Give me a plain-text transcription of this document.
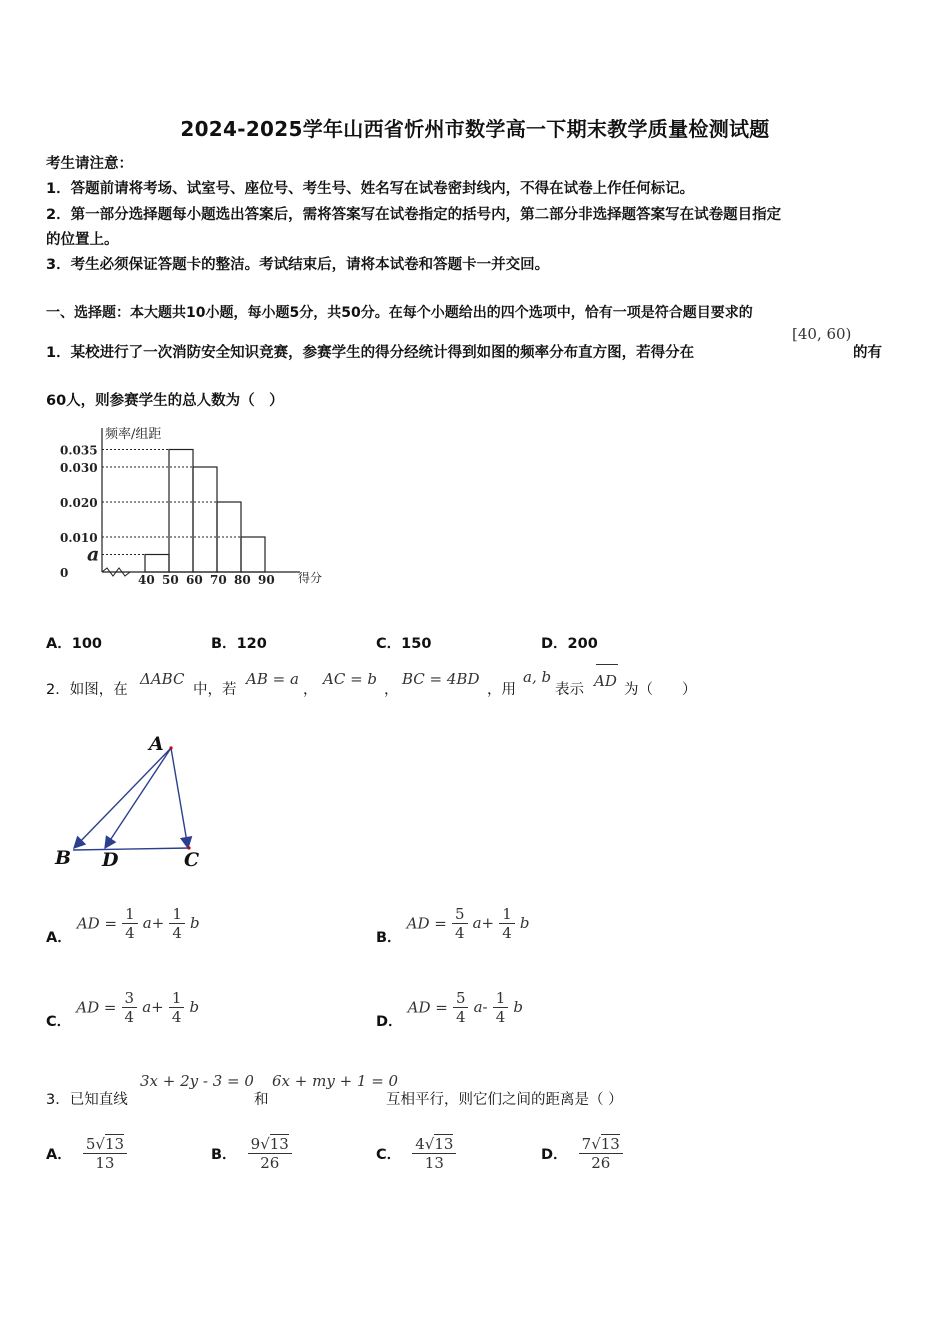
2024-2025学年山西省忻州市数学高一下期末教学质量检测试题
考生请注意：
1．答题前请将考场、试室号、座位号、考生号、姓名写在试卷密封线内，不得在试卷上作任何标记。
2．第一部分选择题每小题选出答案后，需将答案写在试卷指定的括号内，第二部分非选择题答案写在试卷题目指定
的位置上。
3．考生必须保证答题卡的整洁。考试结束后，请将本试卷和答题卡一并交回。
一、选择题：本大题共10小题，每小题5分，共50分。在每个小题给出的四个选项中，恰有一项是符合题目要求的
1．某校进行了一次消防安全知识竞赛，参赛学生的得分经统计得到如图的频率分布直方图，若得分在
[40, 60)
的有
60人，则参赛学生的总人数为（　）
频率/组距
0.035
0.030
0.020
0.010
a
0	40 50 60 70 80 90 得分
A．100	B．120	C．150	D．200
2．如图，在
ΔABC
中，若
AB = a
，
AC = b
，
BC = 4BD
，用
a, b
表示 AD 为（　　）
A
B D	C
A． AD = $\frac{1}{4} a+ \frac{1}{4}$ b
B． AD = $\frac{5}{4} a+ \frac{1}{4}$ b
C． AD = $\frac{3}{4} a+ \frac{1}{4}$ b
D． AD = $\frac{5}{4} a- \frac{1}{4}$ b
3．已知直线
3x + 2y - 3 = 0
和
6x + my + 1 = 0
互相平行，则它们之间的距离是（ ）
A． $\frac{5√13}{13}$	B． $\frac{9√13}{26}$	C． $\frac{4√13}{13}$	D． $\frac{7√13}{26}$
